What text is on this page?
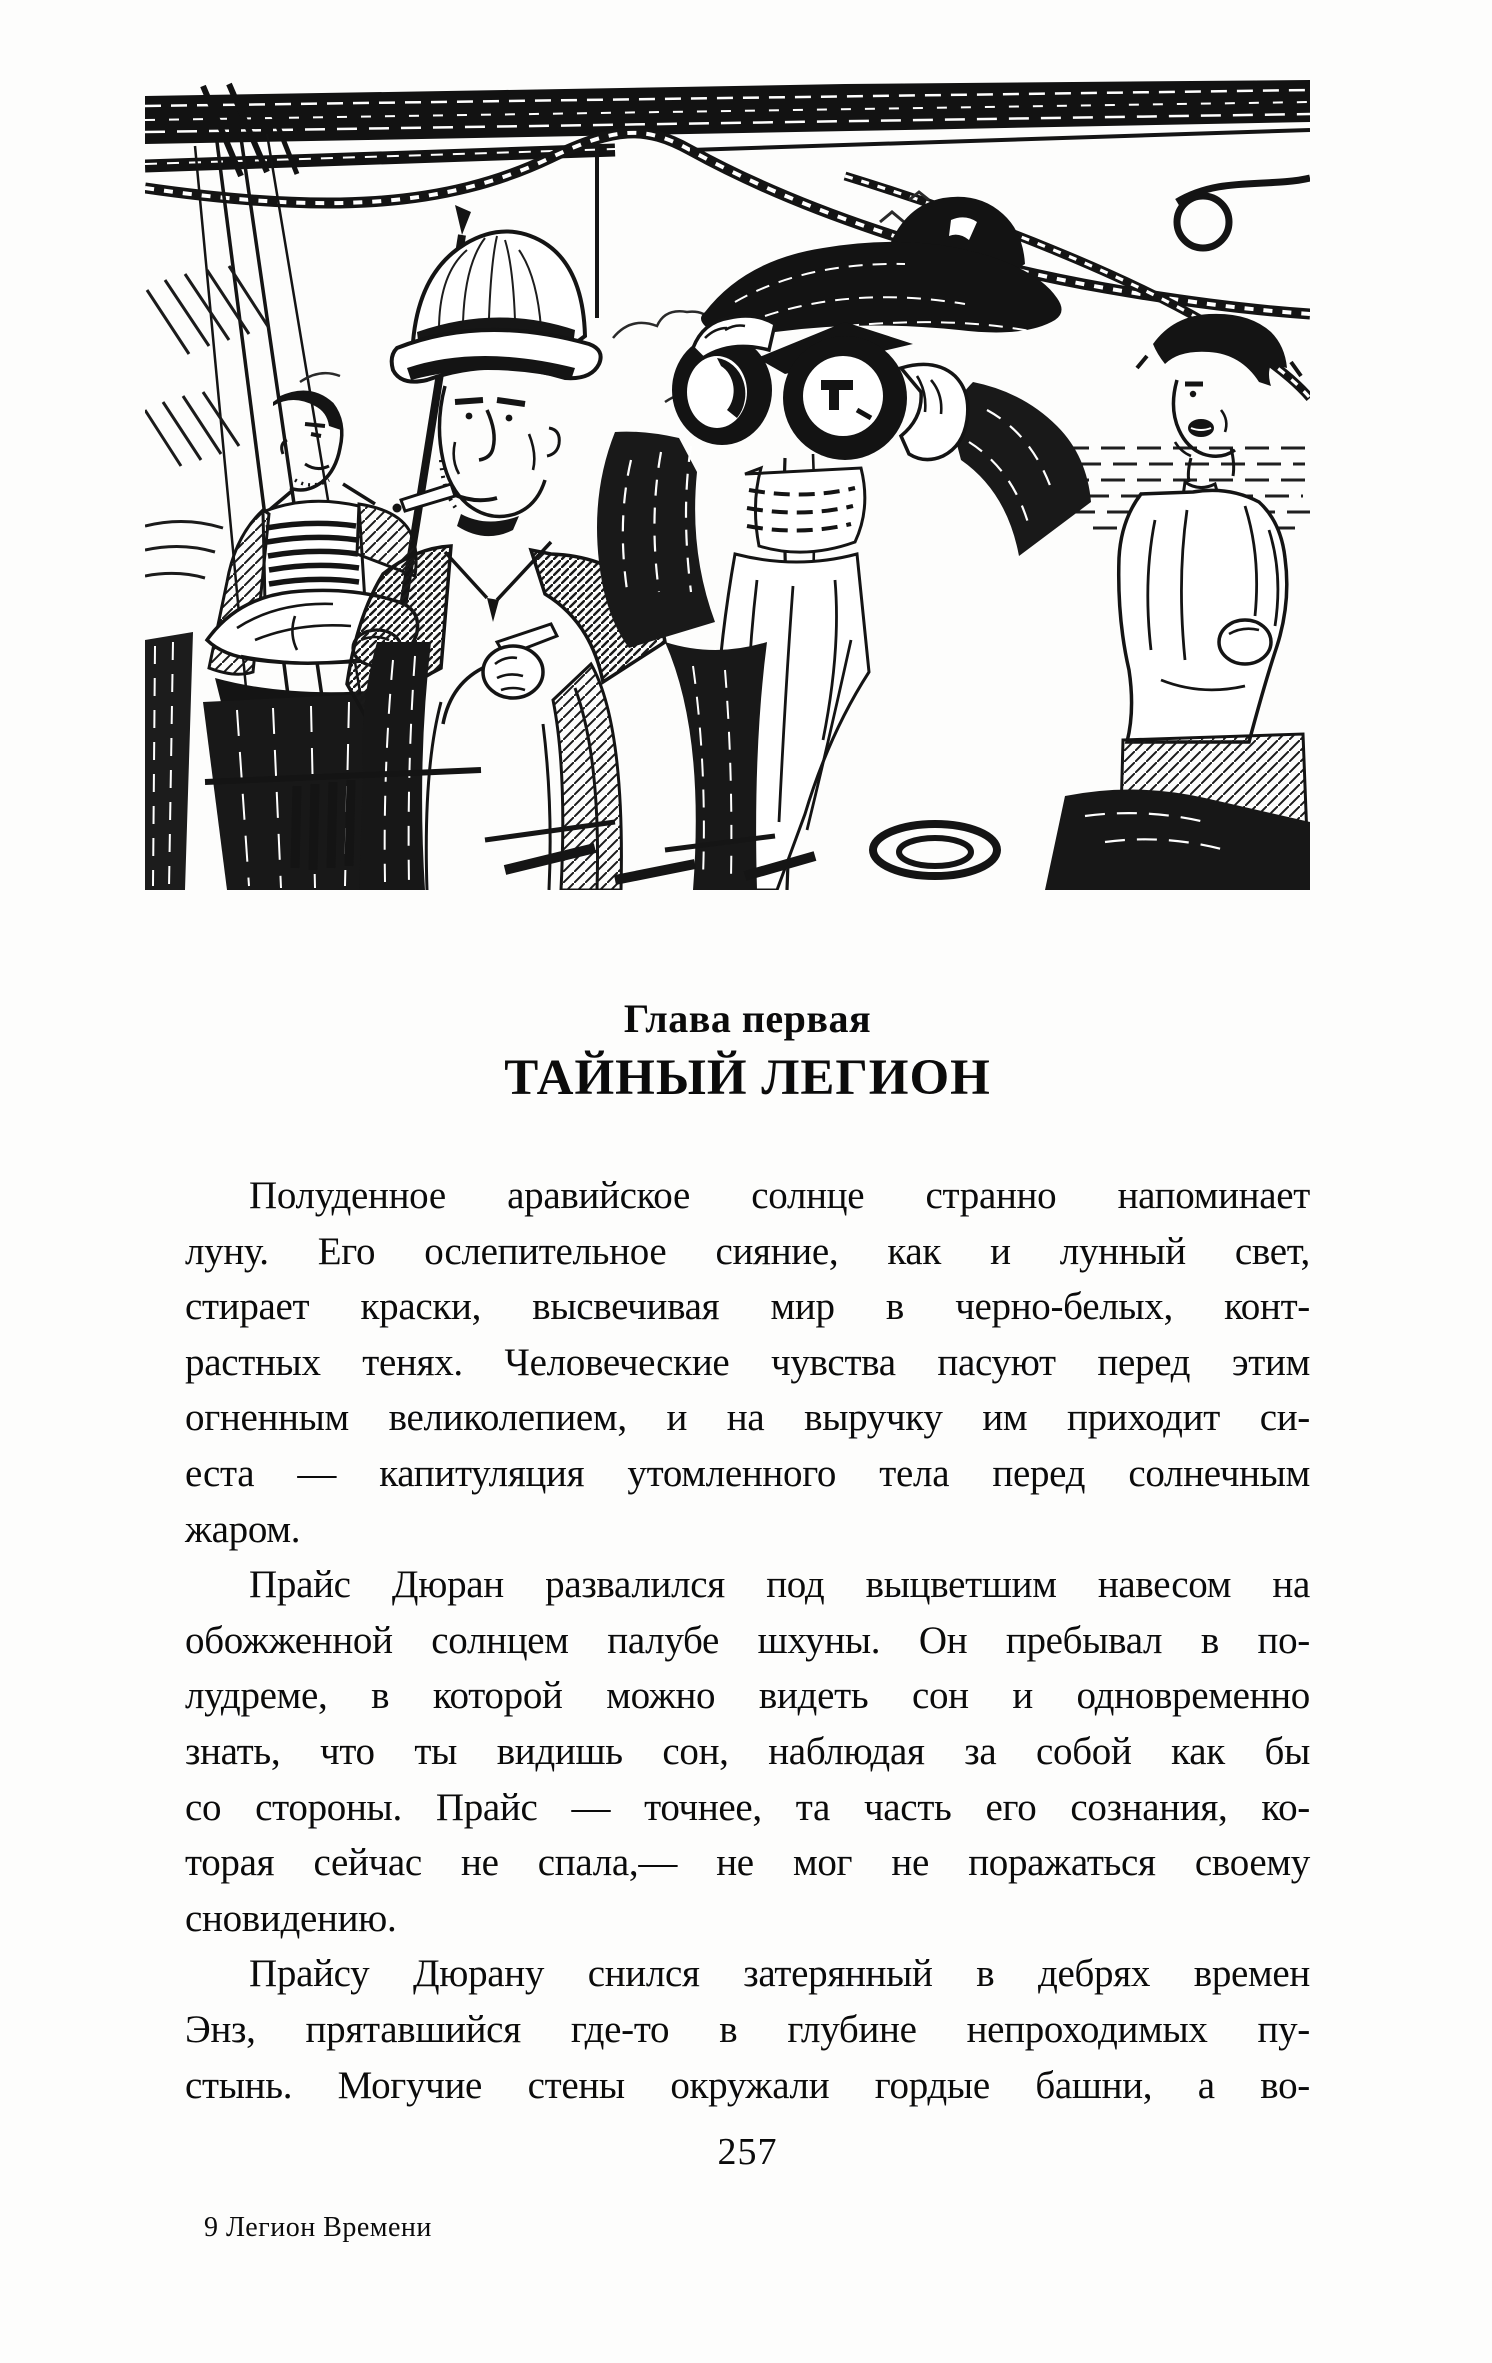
Глава первая
ТАЙНЫЙ ЛЕГИОН
Полуденное аравийское солнце странно напоминает
луну. Его ослепительное сияние, как и лунный свет,
стирает краски, высвечивая мир в черно-белых, конт-
растных тенях. Человеческие чувства пасуют перед этим
огненным великолепием, и на выручку им приходит си-
еста — капитуляция утомленного тела перед солнечным
жаром.
Прайс Дюран развалился под выцветшим навесом на
обожженной солнцем палубе шхуны. Он пребывал в по-
лудреме, в которой можно видеть сон и одновременно
знать, что ты видишь сон, наблюдая за собой как бы
со стороны. Прайс — точнее, та часть его сознания, ко-
торая сейчас не спала,— не мог не поражаться своему
сновидению.
Прайсу Дюрану снился затерянный в дебрях времен
Энз, прятавшийся где-то в глубине непроходимых пу-
стынь. Могучие стены окружали гордые башни, а во-
257
9 Легион Времени
